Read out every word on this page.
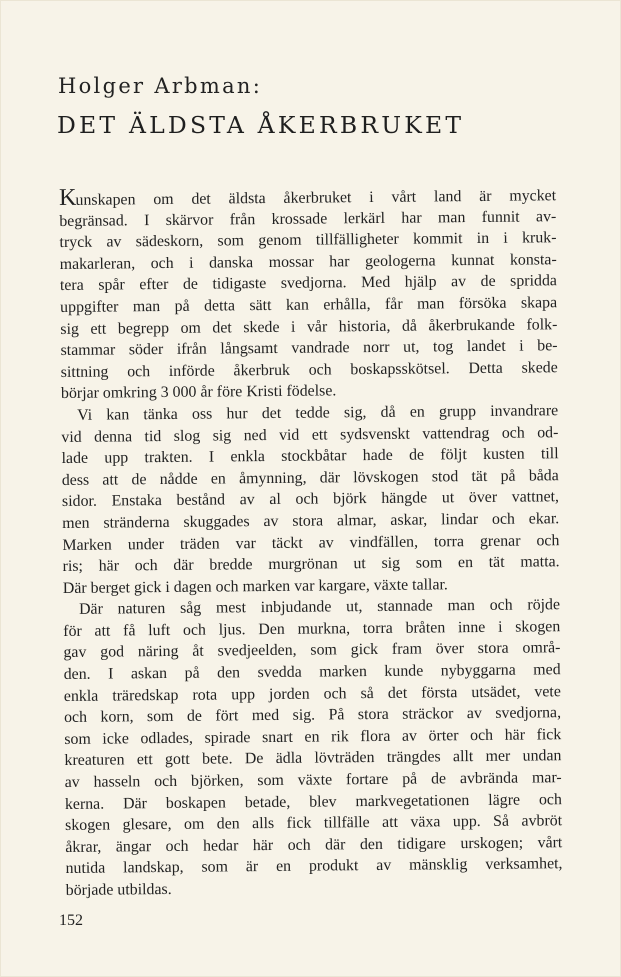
Holger Arbman:
DET ÄLDSTA ÅKERBRUKET
Kunskapen om det äldsta åkerbruket i vårt land är mycket
begränsad. I skärvor från krossade lerkärl har man funnit av-
tryck av sädeskorn, som genom tillfälligheter kommit in i kruk-
makarleran, och i danska mossar har geologerna kunnat konsta-
tera spår efter de tidigaste svedjorna. Med hjälp av de spridda
uppgifter man på detta sätt kan erhålla, får man försöka skapa
sig ett begrepp om det skede i vår historia, då åkerbrukande folk-
stammar söder ifrån långsamt vandrade norr ut, tog landet i be-
sittning och införde åkerbruk och boskapsskötsel. Detta skede
börjar omkring 3 000 år före Kristi födelse.
Vi kan tänka oss hur det tedde sig, då en grupp invandrare
vid denna tid slog sig ned vid ett sydsvenskt vattendrag och od-
lade upp trakten. I enkla stockbåtar hade de följt kusten till
dess att de nådde en åmynning, där lövskogen stod tät på båda
sidor. Enstaka bestånd av al och björk hängde ut över vattnet,
men stränderna skuggades av stora almar, askar, lindar och ekar.
Marken under träden var täckt av vindfällen, torra grenar och
ris; här och där bredde murgrönan ut sig som en tät matta.
Där berget gick i dagen och marken var kargare, växte tallar.
Där naturen såg mest inbjudande ut, stannade man och röjde
för att få luft och ljus. Den murkna, torra bråten inne i skogen
gav god näring åt svedjeelden, som gick fram över stora områ-
den. I askan på den svedda marken kunde nybyggarna med
enkla träredskap rota upp jorden och så det första utsädet, vete
och korn, som de fört med sig. På stora sträckor av svedjorna,
som icke odlades, spirade snart en rik flora av örter och här fick
kreaturen ett gott bete. De ädla lövträden trängdes allt mer undan
av hasseln och björken, som växte fortare på de avbrända mar-
kerna. Där boskapen betade, blev markvegetationen lägre och
skogen glesare, om den alls fick tillfälle att växa upp. Så avbröt
åkrar, ängar och hedar här och där den tidigare urskogen; vårt
nutida landskap, som är en produkt av mänsklig verksamhet,
började utbildas.
152
